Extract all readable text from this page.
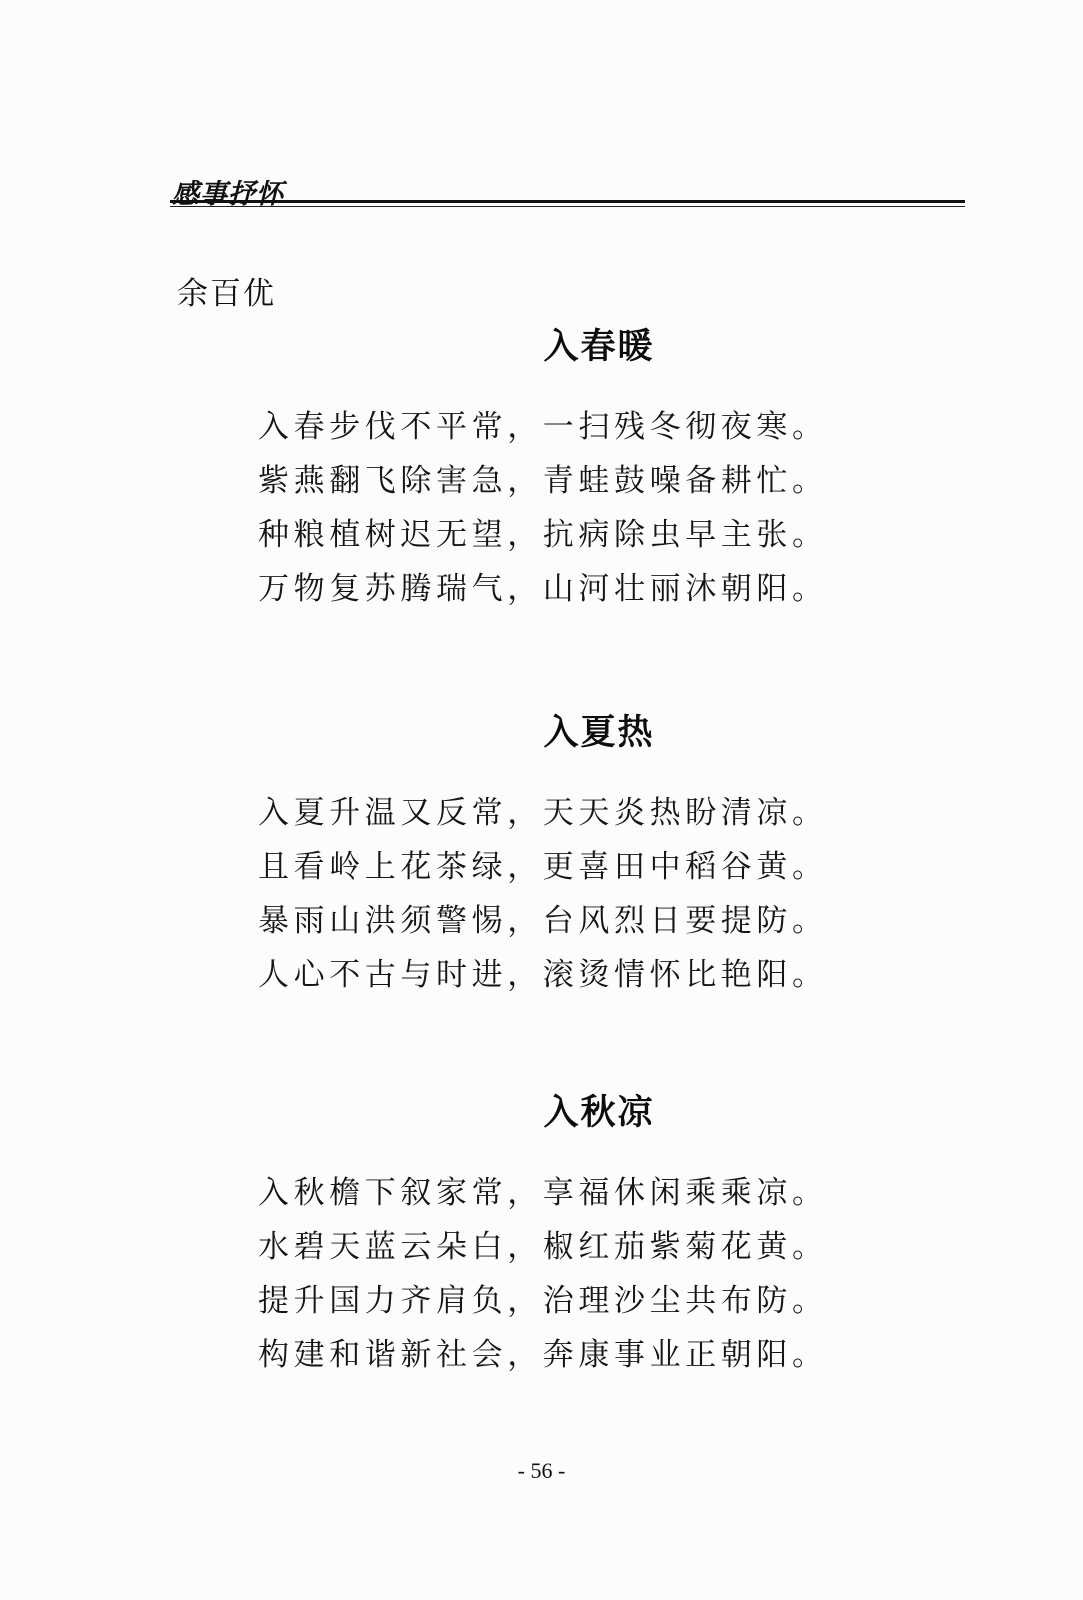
感事抒怀
余百优
入春暖
入春步伐不平常，一扫残冬彻夜寒。
紫燕翻飞除害急，青蛙鼓噪备耕忙。
种粮植树迟无望，抗病除虫早主张。
万物复苏腾瑞气，山河壮丽沐朝阳。
入夏热
入夏升温又反常，天天炎热盼清凉。
且看岭上花茶绿，更喜田中稻谷黄。
暴雨山洪须警惕，台风烈日要提防。
人心不古与时进，滚烫情怀比艳阳。
入秋凉
入秋檐下叙家常，享福休闲乘乘凉。
水碧天蓝云朵白，椒红茄紫菊花黄。
提升国力齐肩负，治理沙尘共布防。
构建和谐新社会，奔康事业正朝阳。
- 56 -
